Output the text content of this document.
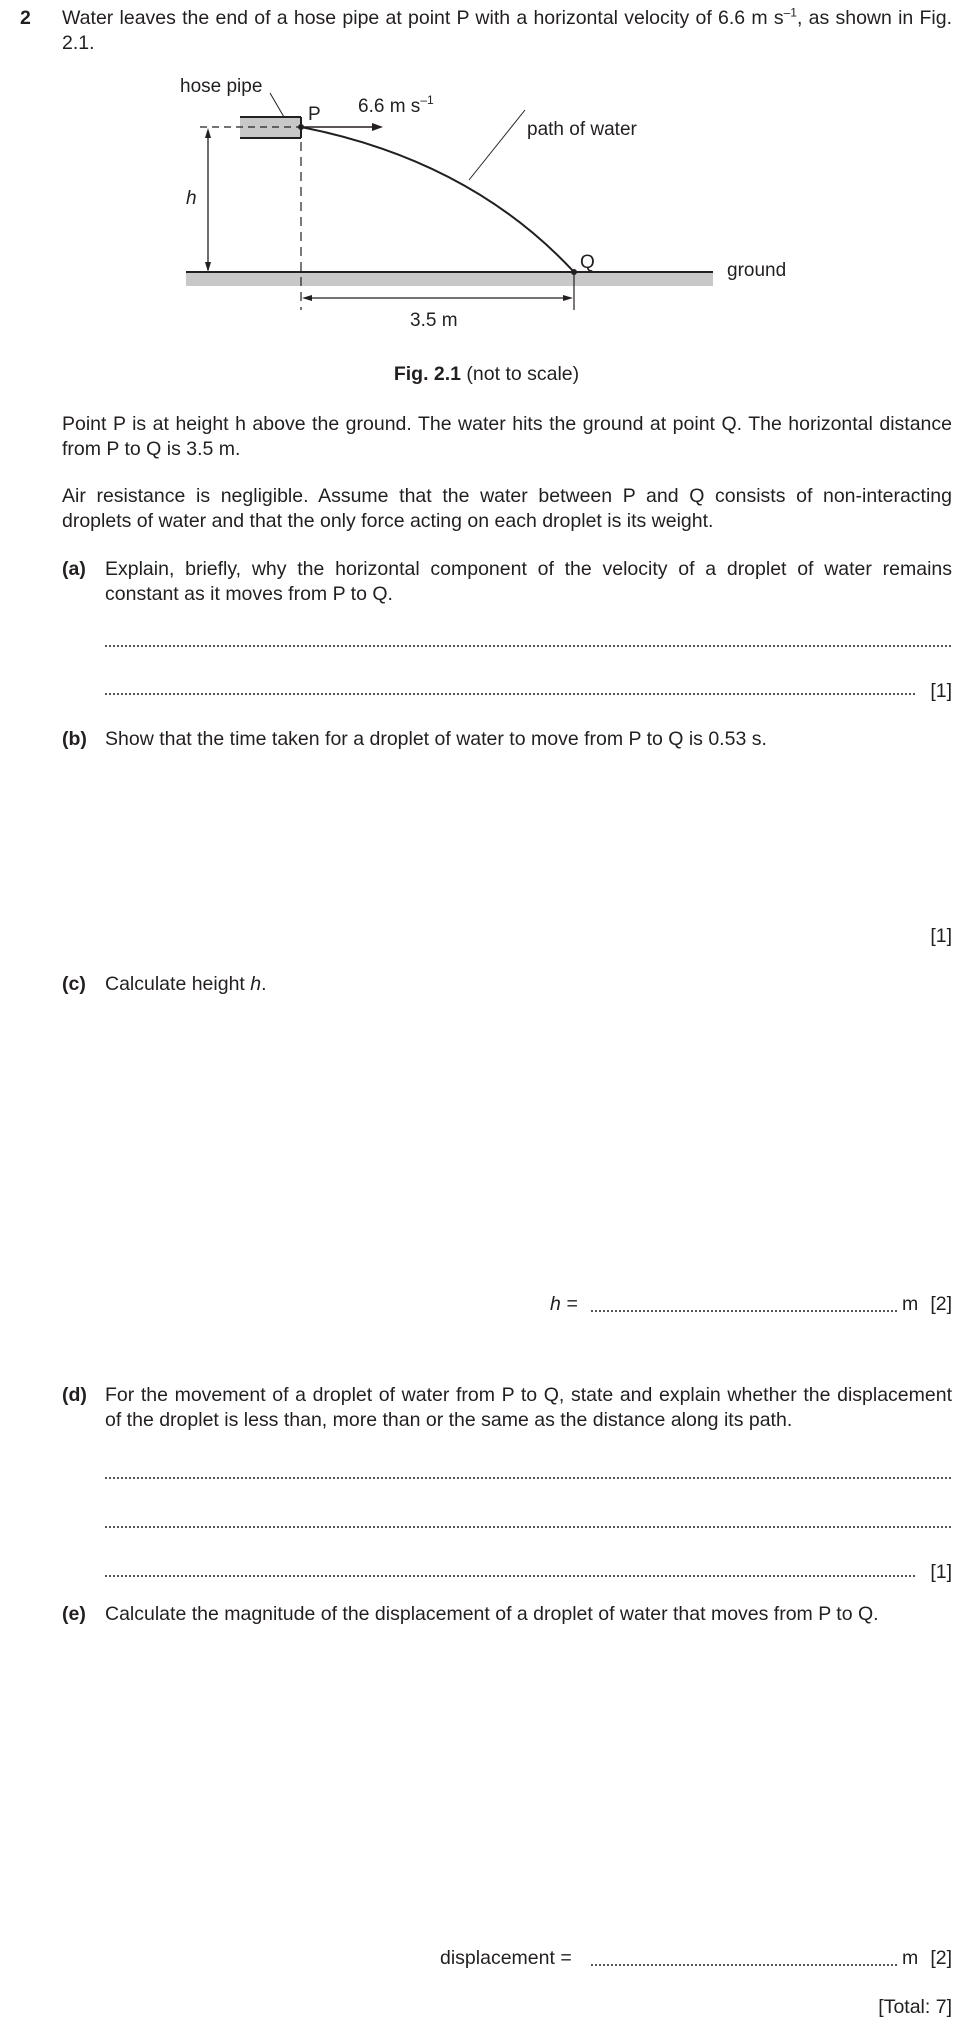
2 Water leaves the end of a hose pipe at point P with a horizontal velocity of 6.6 m $s^{-1}$, as shown in Fig. 2.1.
hose pipe
P 6.6 m $s^{-1}$
path of water
h
Q	ground
3.5 m
Fig. 2.1 (not to scale)
Point P is at height h above the ground. The water hits the ground at point Q. The horizontal distance from P to Q is 3.5 m.
Air resistance is negligible. Assume that the water between P and Q consists of non-interacting droplets of water and that the only force acting on each droplet is its weight.
(a) Explain, briefly, why the horizontal component of the velocity of a droplet of water remains constant as it moves from P to Q.
[1]
(b) Show that the time taken for a droplet of water to move from P to Q is 0.53 s.
[1]
(c) Calculate height h.
h =	m [2]
(d) For the movement of a droplet of water from P to Q, state and explain whether the displacement of the droplet is less than, more than or the same as the distance along its path.
[1]
(e) Calculate the magnitude of the displacement of a droplet of water that moves from P to Q.
displacement =	m [2]
[Total: 7]
